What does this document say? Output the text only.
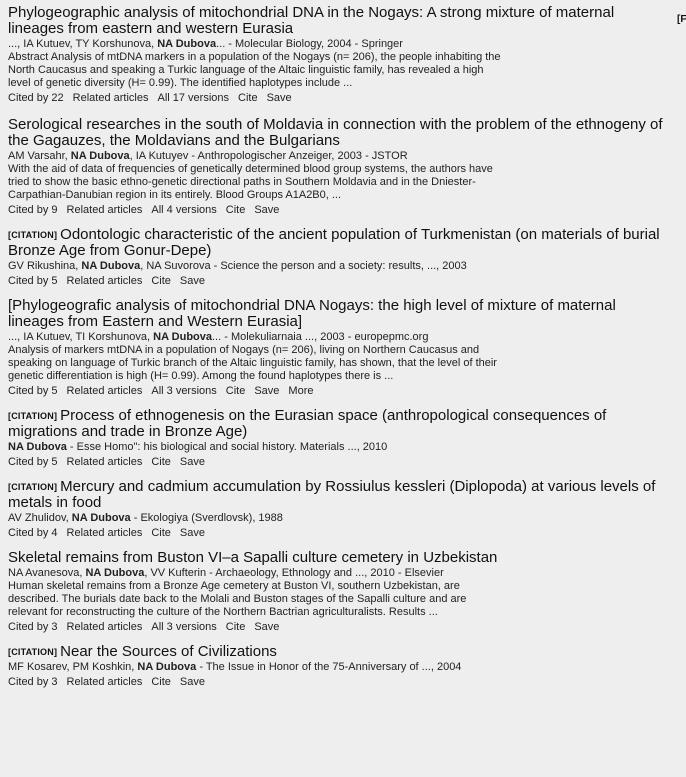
[F
Phylogeographic analysis of mitochondrial DNA in the Nogays: A strong mixture of maternal lineages from eastern and western Eurasia
..., IA Kutuev, TY Korshunova, NA Dubova... - Molecular Biology, 2004 - Springer
Abstract Analysis of mtDNA markers in a population of the Nogays (n= 206), the people inhabiting the North Caucasus and speaking a Turkic language of the Altaic linguistic family, has revealed a high level of genetic diversity (H= 0.99). The identified haplotypes include ...
Cited by 22 Related articles All 17 versions Cite Save
Serological researches in the south of Moldavia in connection with the problem of the ethnogeny of the Gagauzes, the Moldavians and the Bulgarians
AM Varsahr, NA Dubova, IA Kutuyev - Anthropologischer Anzeiger, 2003 - JSTOR
With the aid of data of frequencies of genetically determined blood group systems, the authors have tried to show the basic ethno-genetic directional paths in Southern Moldavia and in the Dniester-Carpathian-Danubian region in its entirely. Blood Groups A1A2B0, ...
Cited by 9 Related articles All 4 versions Cite Save
[CITATION] Odontologic characteristic of the ancient population of Turkmenistan (on materials of burial Bronze Age from Gonur-Depe)
GV Rikushina, NA Dubova, NA Suvorova - Science the person and a society: results, ..., 2003
Cited by 5 Related articles Cite Save
[Phylogeografic analysis of mitochondrial DNA Nogays: the high level of mixture of maternal lineages from Eastern and Western Eurasia]
..., IA Kutuev, TI Korshunova, NA Dubova... - Molekuliarnaia ..., 2003 - europepmc.org
Analysis of markers mtDNA in a population of Nogays (n= 206), living on Northern Caucasus and speaking on language of Turkic branch of the Altaic linguistic family, has shown, that the level of their genetic differentiation is high (H= 0.99). Among the found haplotypes there is ...
Cited by 5 Related articles All 3 versions Cite Save More
[CITATION] Process of ethnogenesis on the Eurasian space (anthropological consequences of migrations and trade in Bronze Age)
NA Dubova - Esse Homo": his biological and social history. Materials ..., 2010
Cited by 5 Related articles Cite Save
[CITATION] Mercury and cadmium accumulation by Rossiulus kessleri (Diplopoda) at various levels of metals in food
AV Zhulidov, NA Dubova - Ekologiya (Sverdlovsk), 1988
Cited by 4 Related articles Cite Save
Skeletal remains from Buston VI–a Sapalli culture cemetery in Uzbekistan
NA Avanesova, NA Dubova, VV Kufterin - Archaeology, Ethnology and ..., 2010 - Elsevier
Human skeletal remains from a Bronze Age cemetery at Buston VI, southern Uzbekistan, are described. The burials date back to the Molali and Buston stages of the Sapalli culture and are relevant for reconstructing the culture of the Northern Bactrian agriculturalists. Results ...
Cited by 3 Related articles All 3 versions Cite Save
[CITATION] Near the Sources of Civilizations
MF Kosarev, PM Koshkin, NA Dubova - The Issue in Honor of the 75-Anniversary of ..., 2004
Cited by 3 Related articles Cite Save
